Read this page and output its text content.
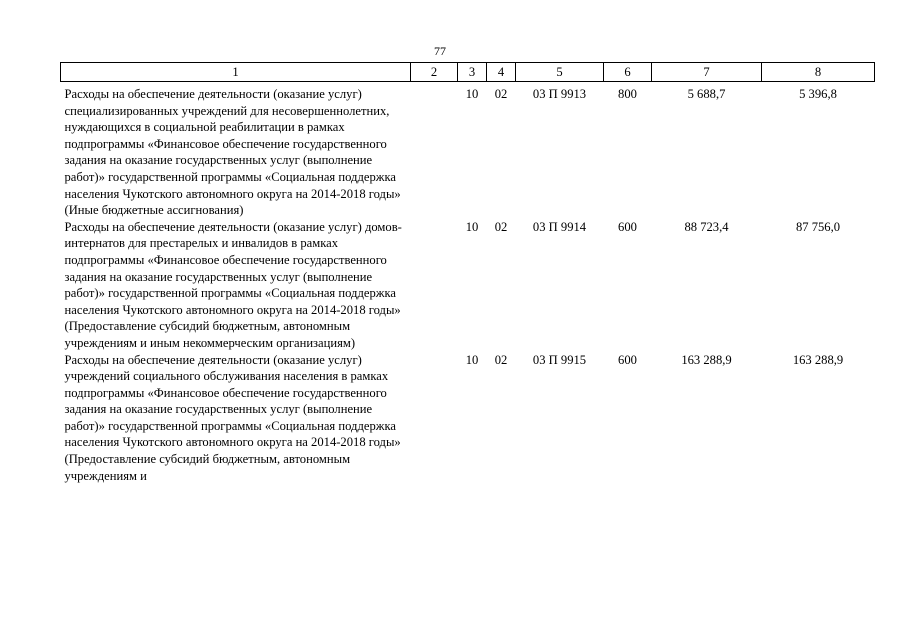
77
1	2	3	4	5	6	7	8
Расходы на обеспечение деятельности (оказание услуг) специализированных учреждений для несовершеннолетних, нуждающихся в социальной реабилитации в рамках подпрограммы «Финансовое обеспечение государственного задания на оказание государственных услуг (выполнение работ)» государственной программы «Социальная поддержка населения Чукотского автономного округа на 2014-2018 годы» (Иные бюджетные ассигнования)		10	02	03 П 9913	800	5 688,7	5 396,8
Расходы на обеспечение деятельности (оказание услуг) домов-интернатов для престарелых и инвалидов в рамках подпрограммы «Финансовое обеспечение государственного задания на оказание государственных услуг (выполнение работ)» государственной программы «Социальная поддержка населения Чукотского автономного округа на 2014-2018 годы» (Предоставление субсидий бюджетным, автономным учреждениям и иным некоммерческим организациям)		10	02	03 П 9914	600	88 723,4	87 756,0
Расходы на обеспечение деятельности (оказание услуг) учреждений социального обслуживания населения в рамках подпрограммы «Финансовое обеспечение государственного задания на оказание государственных услуг (выполнение работ)» государственной программы «Социальная поддержка населения Чукотского автономного округа на 2014-2018 годы» (Предоставление субсидий бюджетным, автономным учреждениям и		10	02	03 П 9915	600	163 288,9	163 288,9
